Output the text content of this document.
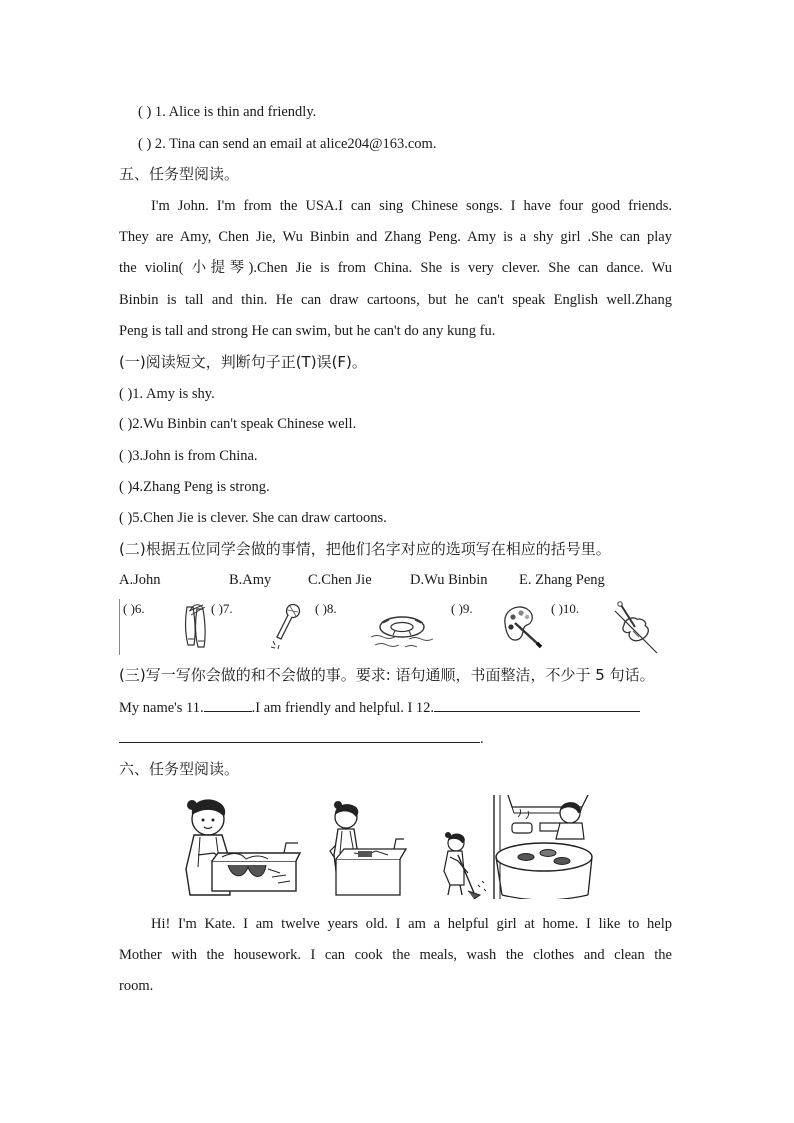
( ) 1. Alice is thin and friendly.
( ) 2. Tina can send an email at alice204@163.com.
五、任务型阅读。
I'm John. I'm from the USA.I can sing Chinese songs. I have four good friends.
They are Amy, Chen Jie, Wu Binbin and Zhang Peng. Amy is a shy girl .She can play
the violin( 小提琴).Chen Jie is from China. She is very clever. She can dance. Wu
Binbin is tall and thin. He can draw cartoons, but he can't speak English well.Zhang
Peng is tall and strong He can swim, but he can't do any kung fu.
(一)阅读短文，判断句子正(T)误(F)。
( )1. Amy is shy.
( )2.Wu Binbin can't speak Chinese well.
( )3.John is from China.
( )4.Zhang Peng is strong.
( )5.Chen Jie is clever. She can draw cartoons.
(二)根据五位同学会做的事情，把他们名字对应的选项写在相应的括号里。
A.John	B.Amy	C.Chen Jie	D.Wu Binbin E. Zhang Peng
( )6.	( )7.	( )8.	( )9.	( )10.
(三)写一写你会做的和不会做的事。要求: 语句通顺，书面整洁，不少于 5 句话。
My name's 11.	.I am friendly and helpful. I 12.
.
六、任务型阅读。
Hi! I'm Kate. I am twelve years old. I am a helpful girl at home. I like to help
Mother with the housework. I can cook the meals, wash the clothes and clean the
room.
